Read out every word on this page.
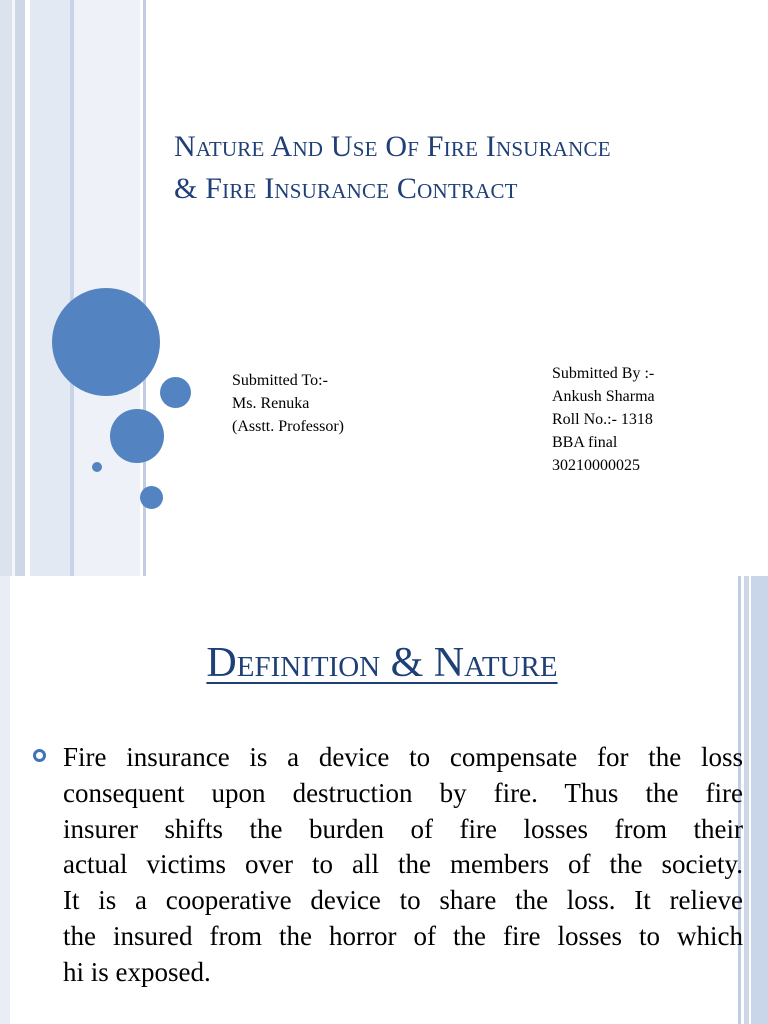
Nature And Use Of Fire Insurance
& Fire Insurance Contract
Submitted To:-
Ms. Renuka
(Asstt. Professor)
Submitted By :-
Ankush Sharma
Roll No.:- 1318
BBA final
30210000025
Definition & Nature
Fire insurance is a device to compensate for the loss
consequent upon destruction by fire. Thus the fire
insurer shifts the burden of fire losses from their
actual victims over to all the members of the society.
It is a cooperative device to share the loss. It relieve
the insured from the horror of the fire losses to which
hi is exposed.
